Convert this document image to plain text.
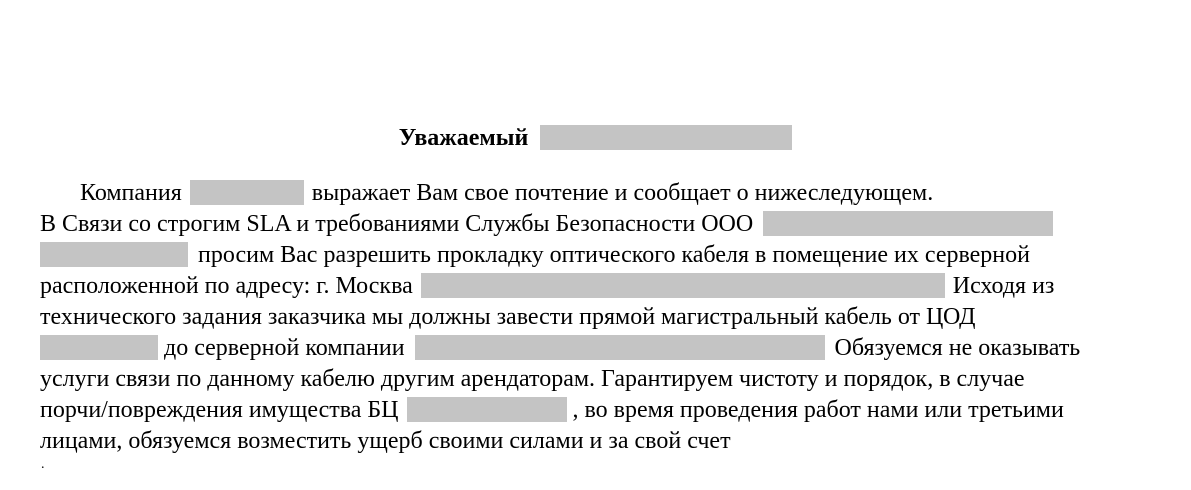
Уважаемый
Компания	выражает Вам свое почтение и сообщает о нижеследующем.
В Связи со строгим SLA и требованиями Службы Безопасности ООО
просим Вас разрешить прокладку оптического кабеля в помещение их серверной
расположенной по адресу: г. Москва	Исходя из
технического задания заказчика мы должны завести прямой магистральный кабель от ЦОД
до серверной компании	Обязуемся не оказывать
услуги связи по данному кабелю другим арендаторам. Гарантируем чистоту и порядок, в случае
порчи/повреждения имущества БЦ	, во время проведения работ нами или третьими
лицами, обязуемся возместить ущерб своими силами и за свой счет
.
